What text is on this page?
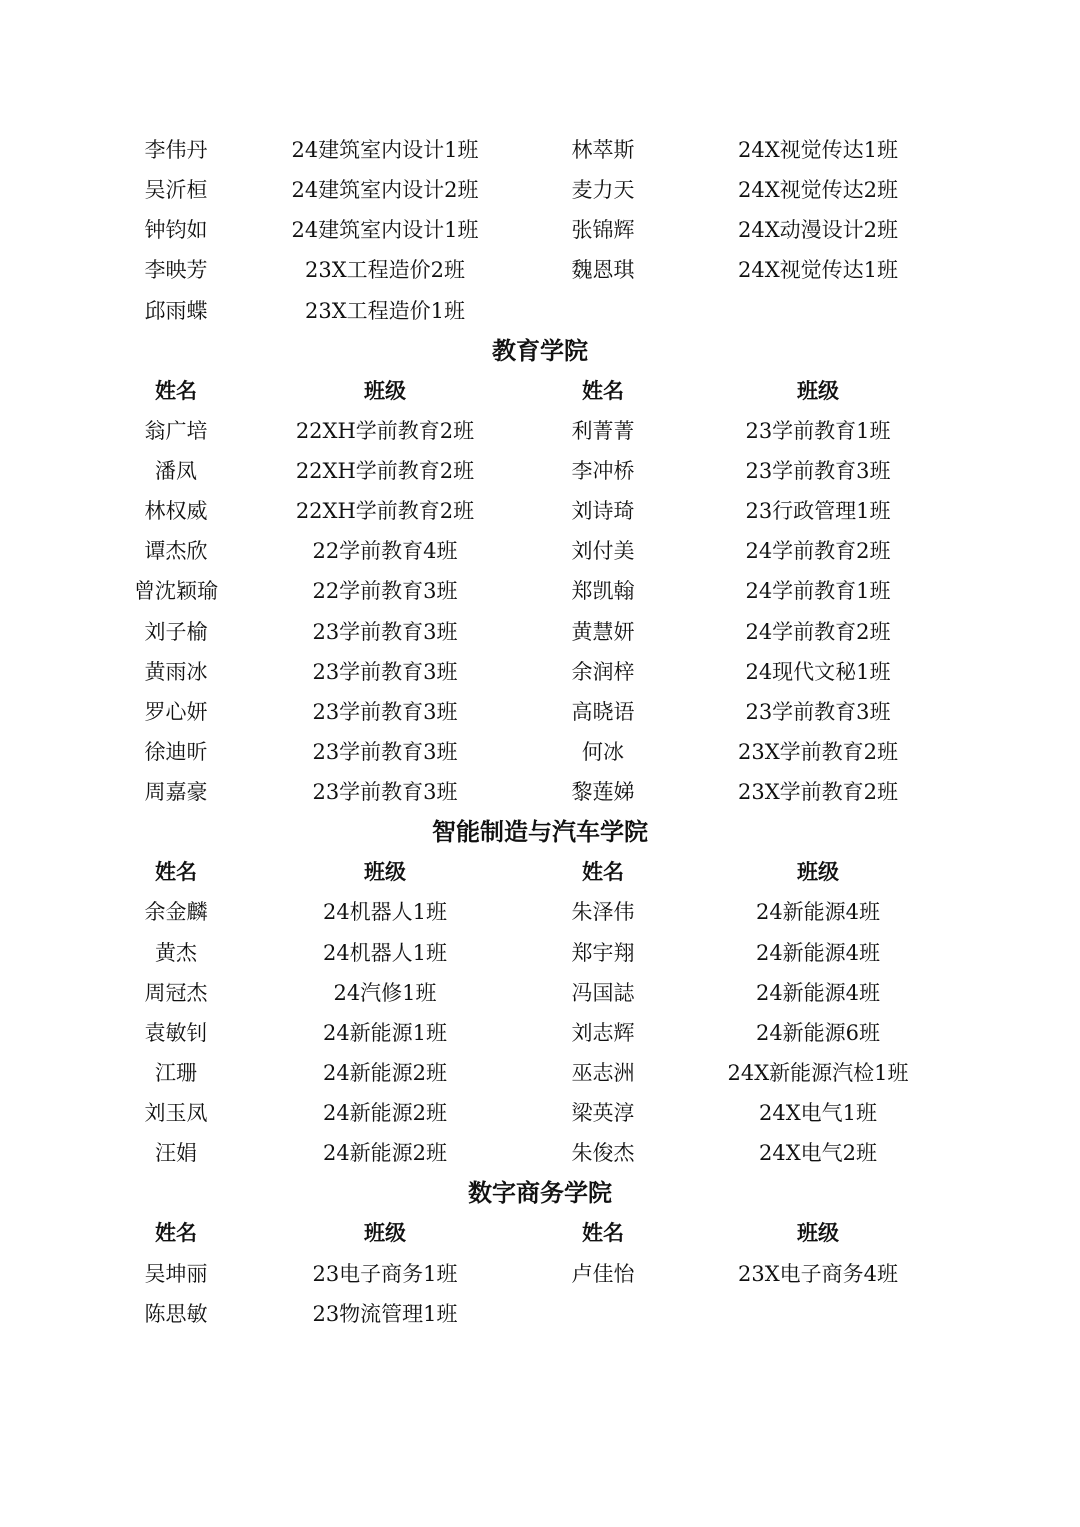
李伟丹	24建筑室内设计1班	林萃斯	24X视觉传达1班
吴沂桓	24建筑室内设计2班	麦力天	24X视觉传达2班
钟钧如	24建筑室内设计1班	张锦辉	24X动漫设计2班
李映芳	23X工程造价2班	魏恩琪	24X视觉传达1班
邱雨蝶	23X工程造价1班
教育学院
姓名	班级	姓名	班级
翁广培	22XH学前教育2班	利菁菁	23学前教育1班
潘凤	22XH学前教育2班	李冲桥	23学前教育3班
林权威	22XH学前教育2班	刘诗琦	23行政管理1班
谭杰欣	22学前教育4班	刘付美	24学前教育2班
曾沈颖瑜	22学前教育3班	郑凯翰	24学前教育1班
刘子榆	23学前教育3班	黄慧妍	24学前教育2班
黄雨冰	23学前教育3班	余润梓	24现代文秘1班
罗心妍	23学前教育3班	高晓语	23学前教育3班
徐迪昕	23学前教育3班	何冰	23X学前教育2班
周嘉豪	23学前教育3班	黎莲娣	23X学前教育2班
智能制造与汽车学院
姓名	班级	姓名	班级
余金麟	24机器人1班	朱泽伟	24新能源4班
黄杰	24机器人1班	郑宇翔	24新能源4班
周冠杰	24汽修1班	冯国誌	24新能源4班
袁敏钊	24新能源1班	刘志辉	24新能源6班
江珊	24新能源2班	巫志洲	24X新能源汽检1班
刘玉凤	24新能源2班	梁英淳	24X电气1班
汪娟	24新能源2班	朱俊杰	24X电气2班
数字商务学院
姓名	班级	姓名	班级
吴坤丽	23电子商务1班	卢佳怡	23X电子商务4班
陈思敏	23物流管理1班
